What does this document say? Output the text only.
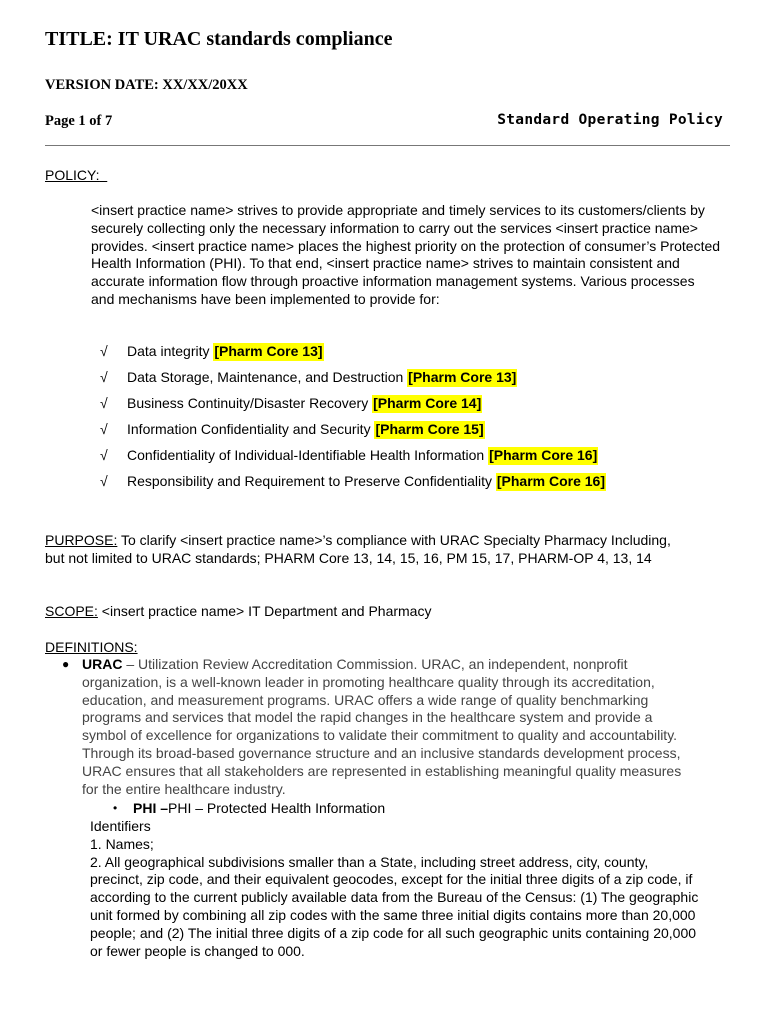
TITLE: IT URAC standards compliance
VERSION DATE: XX/XX/20XX
Page 1 of 7	Standard Operating Policy
POLICY:
<insert practice name> strives to provide appropriate and timely services to its customers/clients by securely collecting only the necessary information to carry out the services <insert practice name> provides. <insert practice name> places the highest priority on the protection of consumer’s Protected Health Information (PHI). To that end, <insert practice name> strives to maintain consistent and accurate information flow through proactive information management systems. Various processes and mechanisms have been implemented to provide for:
√	Data integrity
[Pharm Core 13]
√	Data Storage, Maintenance, and Destruction
[Pharm Core 13]
√	Business Continuity/Disaster Recovery
[Pharm Core 14]
√	Information Confidentiality and Security
[Pharm Core 15]
√	Confidentiality of Individual-Identifiable Health Information
[Pharm Core 16]
√	Responsibility and Requirement to Preserve Confidentiality
[Pharm Core 16]
PURPOSE: To clarify <insert practice name>’s compliance with URAC Specialty Pharmacy Including, but not limited to URAC standards; PHARM Core 13, 14, 15, 16, PM 15, 17, PHARM-OP 4, 13, 14
SCOPE: <insert practice name> IT Department and Pharmacy
DEFINITIONS:
● URAC – Utilization Review Accreditation Commission. URAC, an independent, nonprofit organization, is a well-known leader in promoting healthcare quality through its accreditation, education, and measurement programs. URAC offers a wide range of quality benchmarking programs and services that model the rapid changes in the healthcare system and provide a symbol of excellence for organizations to validate their commitment to quality and accountability. Through its broad-based governance structure and an inclusive standards development process, URAC ensures that all stakeholders are represented in establishing meaningful quality measures for the entire healthcare industry.
•	PHI – PHI – Protected Health Information
Identifiers
1. Names;
2. All geographical subdivisions smaller than a State, including street address, city, county, precinct, zip code, and their equivalent geocodes, except for the initial three digits of a zip code, if according to the current publicly available data from the Bureau of the Census: (1) The geographic unit formed by combining all zip codes with the same three initial digits contains more than 20,000 people; and (2) The initial three digits of a zip code for all such geographic units containing 20,000 or fewer people is changed to 000.
